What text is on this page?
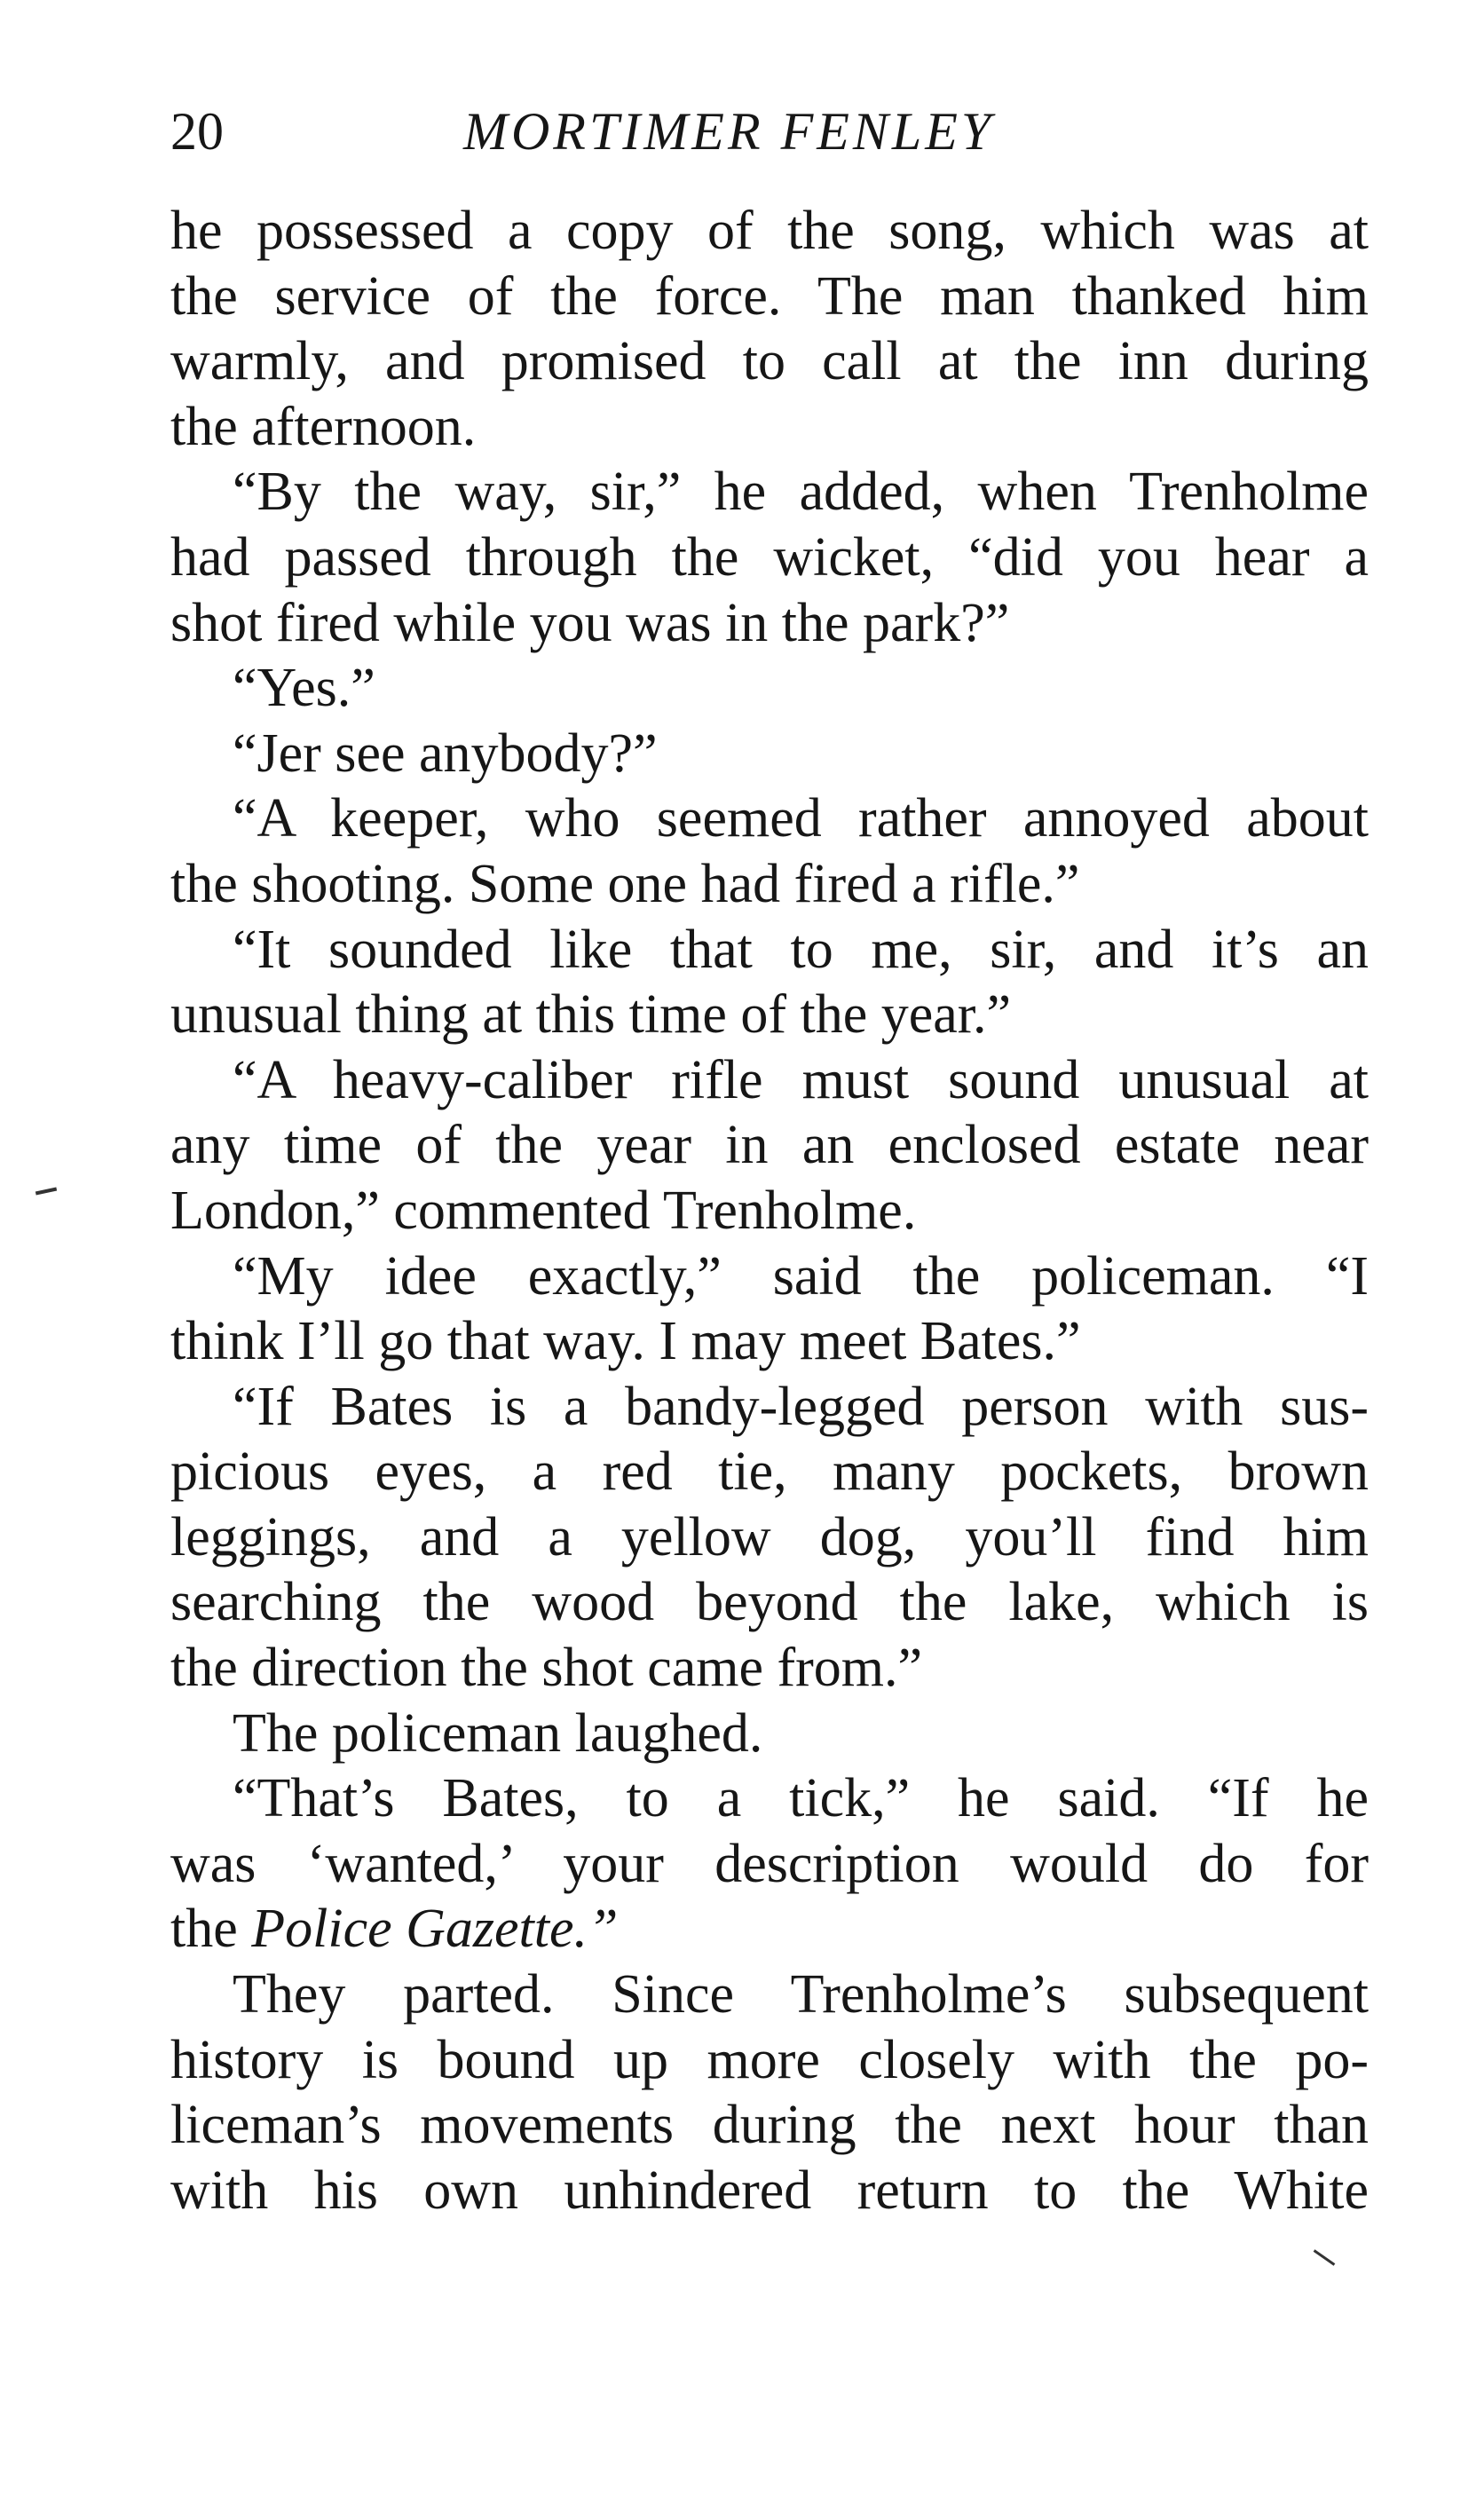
20	MORTIMER FENLEY
he possessed a copy of the song, which was at
the service of the force. The man thanked him
warmly, and promised to call at the inn during
the afternoon.
“By the way, sir,” he added, when Trenholme
had passed through the wicket, “did you hear a
shot fired while you was in the park?”
“Yes.”
“Jer see anybody?”
“A keeper, who seemed rather annoyed about
the shooting. Some one had fired a rifle.”
“It sounded like that to me, sir, and it’s an
unusual thing at this time of the year.”
“A heavy-caliber rifle must sound unusual at
any time of the year in an enclosed estate near
London,” commented Trenholme.
“My idee exactly,” said the policeman. “I
think I’ll go that way. I may meet Bates.”
“If Bates is a bandy-legged person with sus-
picious eyes, a red tie, many pockets, brown
leggings, and a yellow dog, you’ll find him
searching the wood beyond the lake, which is
the direction the shot came from.”
The policeman laughed.
“That’s Bates, to a tick,” he said. “If he
was ‘wanted,’ your description would do for
the Police Gazette.”
They parted. Since Trenholme’s subsequent
history is bound up more closely with the po-
liceman’s movements during the next hour than
with his own unhindered return to the White
